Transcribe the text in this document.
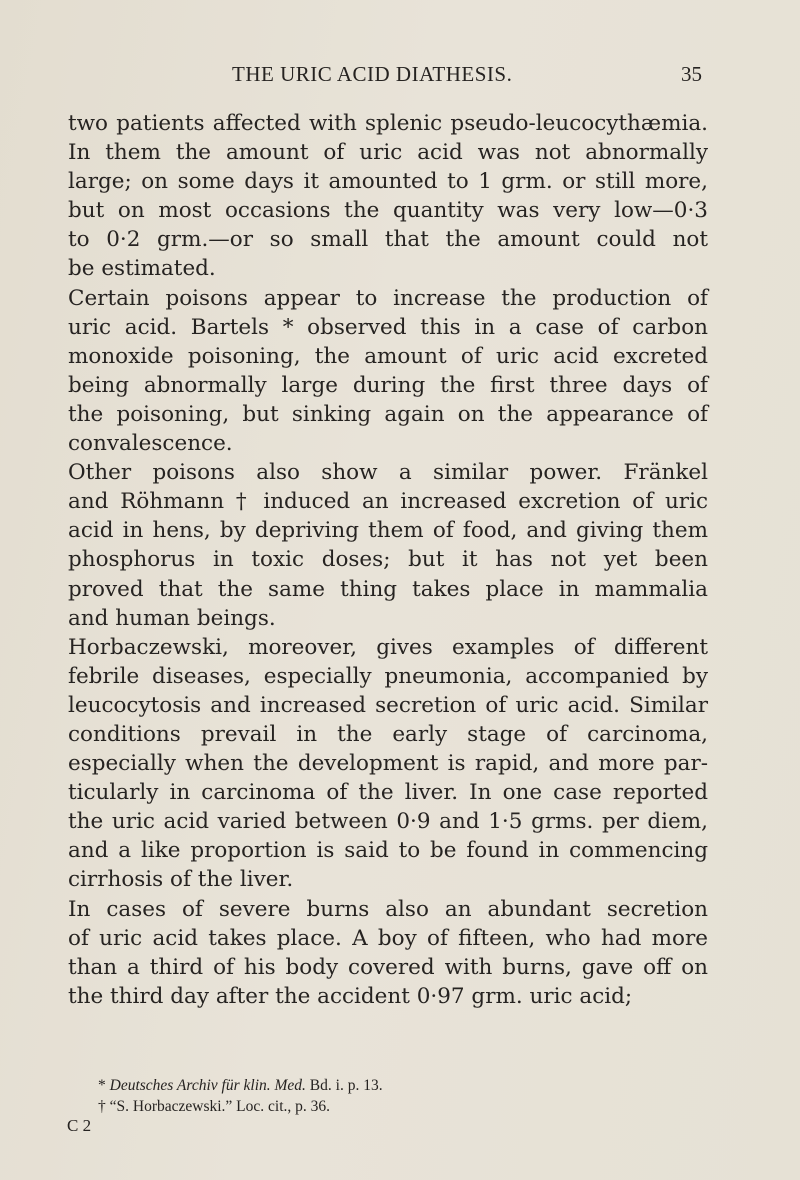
THE URIC ACID DIATHESIS.	35
two patients affected with splenic pseudo-leucocythæmia.
In them the amount of uric acid was not abnormally
large; on some days it amounted to 1 grm. or still more,
but on most occasions the quantity was very low—0·3
to 0·2 grm.—or so small that the amount could not
be estimated.
Certain poisons appear to increase the production of
uric acid. Bartels * observed this in a case of carbon
monoxide poisoning, the amount of uric acid excreted
being abnormally large during the first three days of
the poisoning, but sinking again on the appearance of
convalescence.
Other poisons also show a similar power. Fränkel
and Röhmann † induced an increased excretion of uric
acid in hens, by depriving them of food, and giving them
phosphorus in toxic doses; but it has not yet been
proved that the same thing takes place in mammalia
and human beings.
Horbaczewski, moreover, gives examples of different
febrile diseases, especially pneumonia, accompanied by
leucocytosis and increased secretion of uric acid. Similar
conditions prevail in the early stage of carcinoma,
especially when the development is rapid, and more par-
ticularly in carcinoma of the liver. In one case reported
the uric acid varied between 0·9 and 1·5 grms. per diem,
and a like proportion is said to be found in commencing
cirrhosis of the liver.
In cases of severe burns also an abundant secretion
of uric acid takes place. A boy of fifteen, who had more
than a third of his body covered with burns, gave off on
the third day after the accident 0·97 grm. uric acid;
* Deutsches Archiv für klin. Med. Bd. i. p. 13.
† “S. Horbaczewski.” Loc. cit., p. 36.
C 2
